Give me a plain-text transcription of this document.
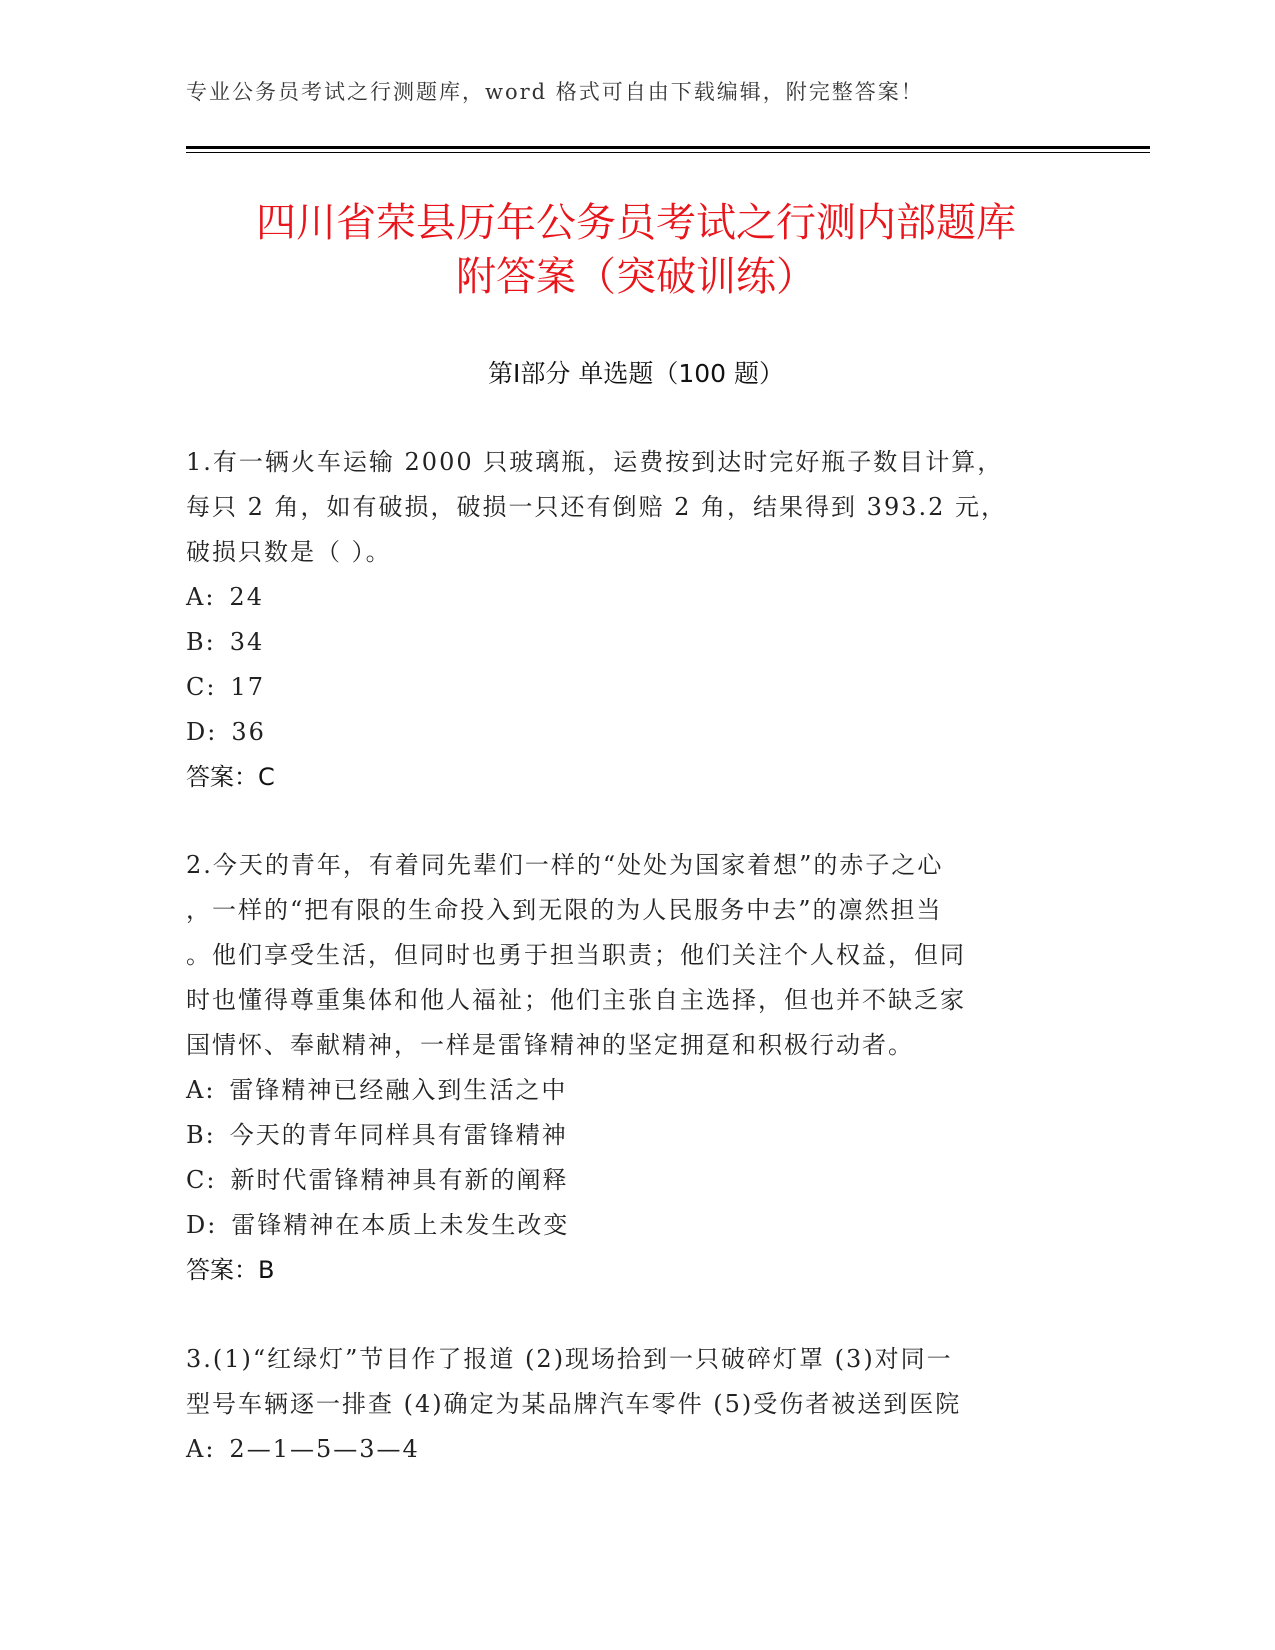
专业公务员考试之行测题库，word 格式可自由下载编辑，附完整答案！
四川省荣县历年公务员考试之行测内部题库
附答案（突破训练）
第Ⅰ部分 单选题（100 题）
1.有一辆火车运输 2000 只玻璃瓶，运费按到达时完好瓶子数目计算，
每只 2 角，如有破损，破损一只还有倒赔 2 角，结果得到 393.2 元，
破损只数是（ ）。
A: 24
B: 34
C: 17
D: 36
答案：C
2.今天的青年，有着同先辈们一样的“处处为国家着想”的赤子之心
，一样的“把有限的生命投入到无限的为人民服务中去”的凛然担当
。他们享受生活，但同时也勇于担当职责；他们关注个人权益，但同
时也懂得尊重集体和他人福祉；他们主张自主选择，但也并不缺乏家
国情怀、奉献精神，一样是雷锋精神的坚定拥趸和积极行动者。
A: 雷锋精神已经融入到生活之中
B: 今天的青年同样具有雷锋精神
C: 新时代雷锋精神具有新的阐释
D: 雷锋精神在本质上未发生改变
答案：B
3.(1)“红绿灯”节目作了报道 (2)现场拾到一只破碎灯罩 (3)对同一
型号车辆逐一排查 (4)确定为某品牌汽车零件 (5)受伤者被送到医院
A: 2—1—5—3—4
